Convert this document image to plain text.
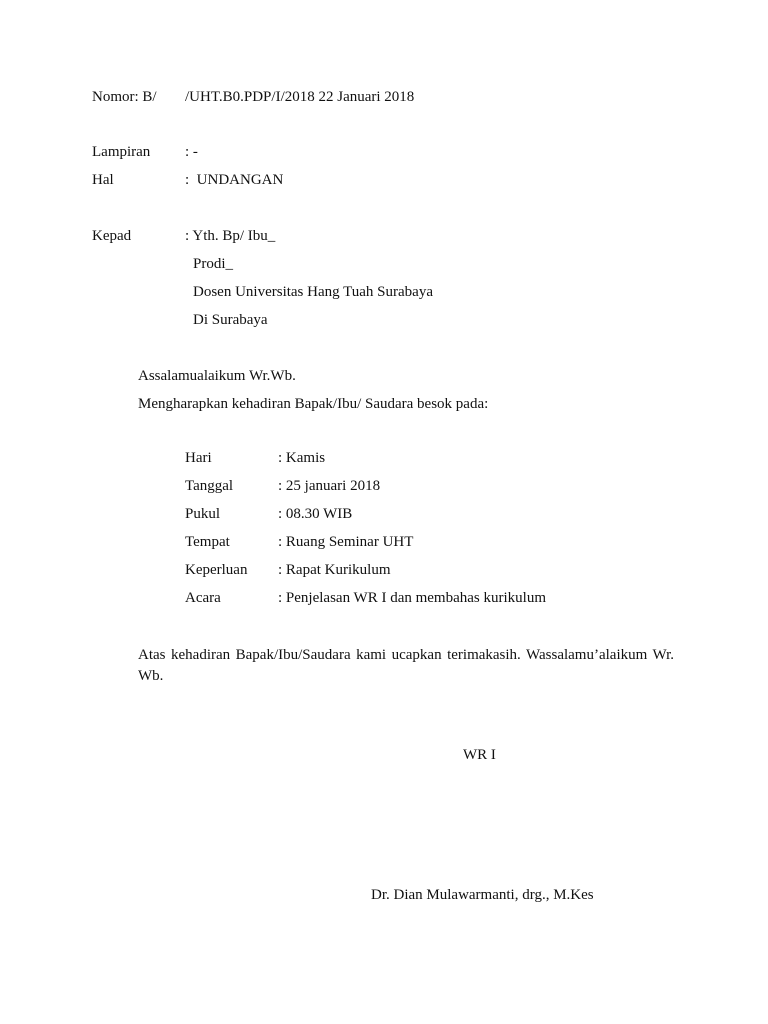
Nomor: B/ /UHT.B0.PDP/I/2018 22 Januari 2018
Lampiran : -
Hal	:  UNDANGAN
Kepad	: Yth. Bp/ Ibu_
Prodi_
Dosen Universitas Hang Tuah Surabaya
Di Surabaya
Assalamualaikum Wr.Wb.
Mengharapkan kehadiran Bapak/Ibu/ Saudara besok pada:
Hari	: Kamis
Tanggal	: 25 januari 2018
Pukul	: 08.30 WIB
Tempat	: Ruang Seminar UHT
Keperluan : Rapat Kurikulum
Acara	: Penjelasan WR I dan membahas kurikulum
Atas kehadiran Bapak/Ibu/Saudara kami ucapkan terimakasih. Wassalamu’alaikum Wr. Wb.
WR I
Dr. Dian Mulawarmanti, drg., M.Kes
